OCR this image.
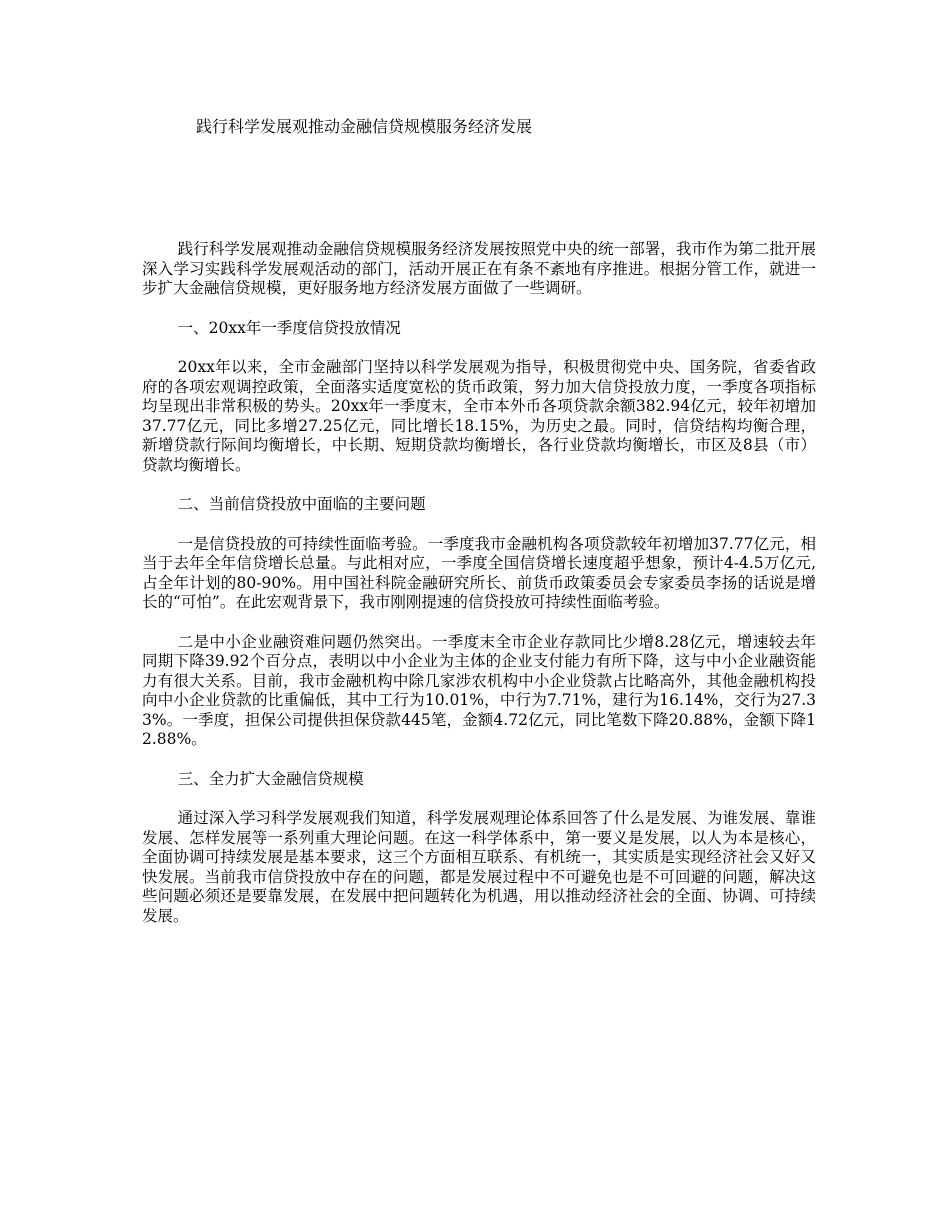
践行科学发展观推动金融信贷规模服务经济发展

践行科学发展观推动金融信贷规模服务经济发展按照党中央的统一部署，我市作为第二批开展深入学习实践科学发展观活动的部门，活动开展正在有条不紊地有序推进。根据分管工作，就进一步扩大金融信贷规模，更好服务地方经济发展方面做了一些调研。

一、20xx年一季度信贷投放情况

20xx年以来，全市金融部门坚持以科学发展观为指导，积极贯彻党中央、国务院，省委省政府的各项宏观调控政策，全面落实适度宽松的货币政策，努力加大信贷投放力度，一季度各项指标均呈现出非常积极的势头。20xx年一季度末，全市本外币各项贷款余额382.94亿元，较年初增加37.77亿元，同比多增27.25亿元，同比增长18.15%，为历史之最。同时，信贷结构均衡合理，新增贷款行际间均衡增长，中长期、短期贷款均衡增长，各行业贷款均衡增长，市区及8县（市）贷款均衡增长。

二、当前信贷投放中面临的主要问题

一是信贷投放的可持续性面临考验。一季度我市金融机构各项贷款较年初增加37.77亿元，相当于去年全年信贷增长总量。与此相对应，一季度全国信贷增长速度超乎想象，预计4-4.5万亿元,占全年计划的80-90%。用中国社科院金融研究所长、前货币政策委员会专家委员李扬的话说是增长的“可怕”。在此宏观背景下，我市刚刚提速的信贷投放可持续性面临考验。

二是中小企业融资难问题仍然突出。一季度末全市企业存款同比少增8.28亿元，增速较去年同期下降39.92个百分点，表明以中小企业为主体的企业支付能力有所下降，这与中小企业融资能力有很大关系。目前，我市金融机构中除几家涉农机构中小企业贷款占比略高外，其他金融机构投向中小企业贷款的比重偏低，其中工行为10.01%，中行为7.71%，建行为16.14%，交行为27.33%。一季度，担保公司提供担保贷款445笔，金额4.72亿元，同比笔数下降20.88%，金额下降12.88%。

三、全力扩大金融信贷规模

通过深入学习科学发展观我们知道，科学发展观理论体系回答了什么是发展、为谁发展、靠谁发展、怎样发展等一系列重大理论问题。在这一科学体系中，第一要义是发展，以人为本是核心，全面协调可持续发展是基本要求，这三个方面相互联系、有机统一，其实质是实现经济社会又好又快发展。当前我市信贷投放中存在的问题，都是发展过程中不可避免也是不可回避的问题，解决这些问题必须还是要靠发展，在发展中把问题转化为机遇，用以推动经济社会的全面、协调、可持续发展。
